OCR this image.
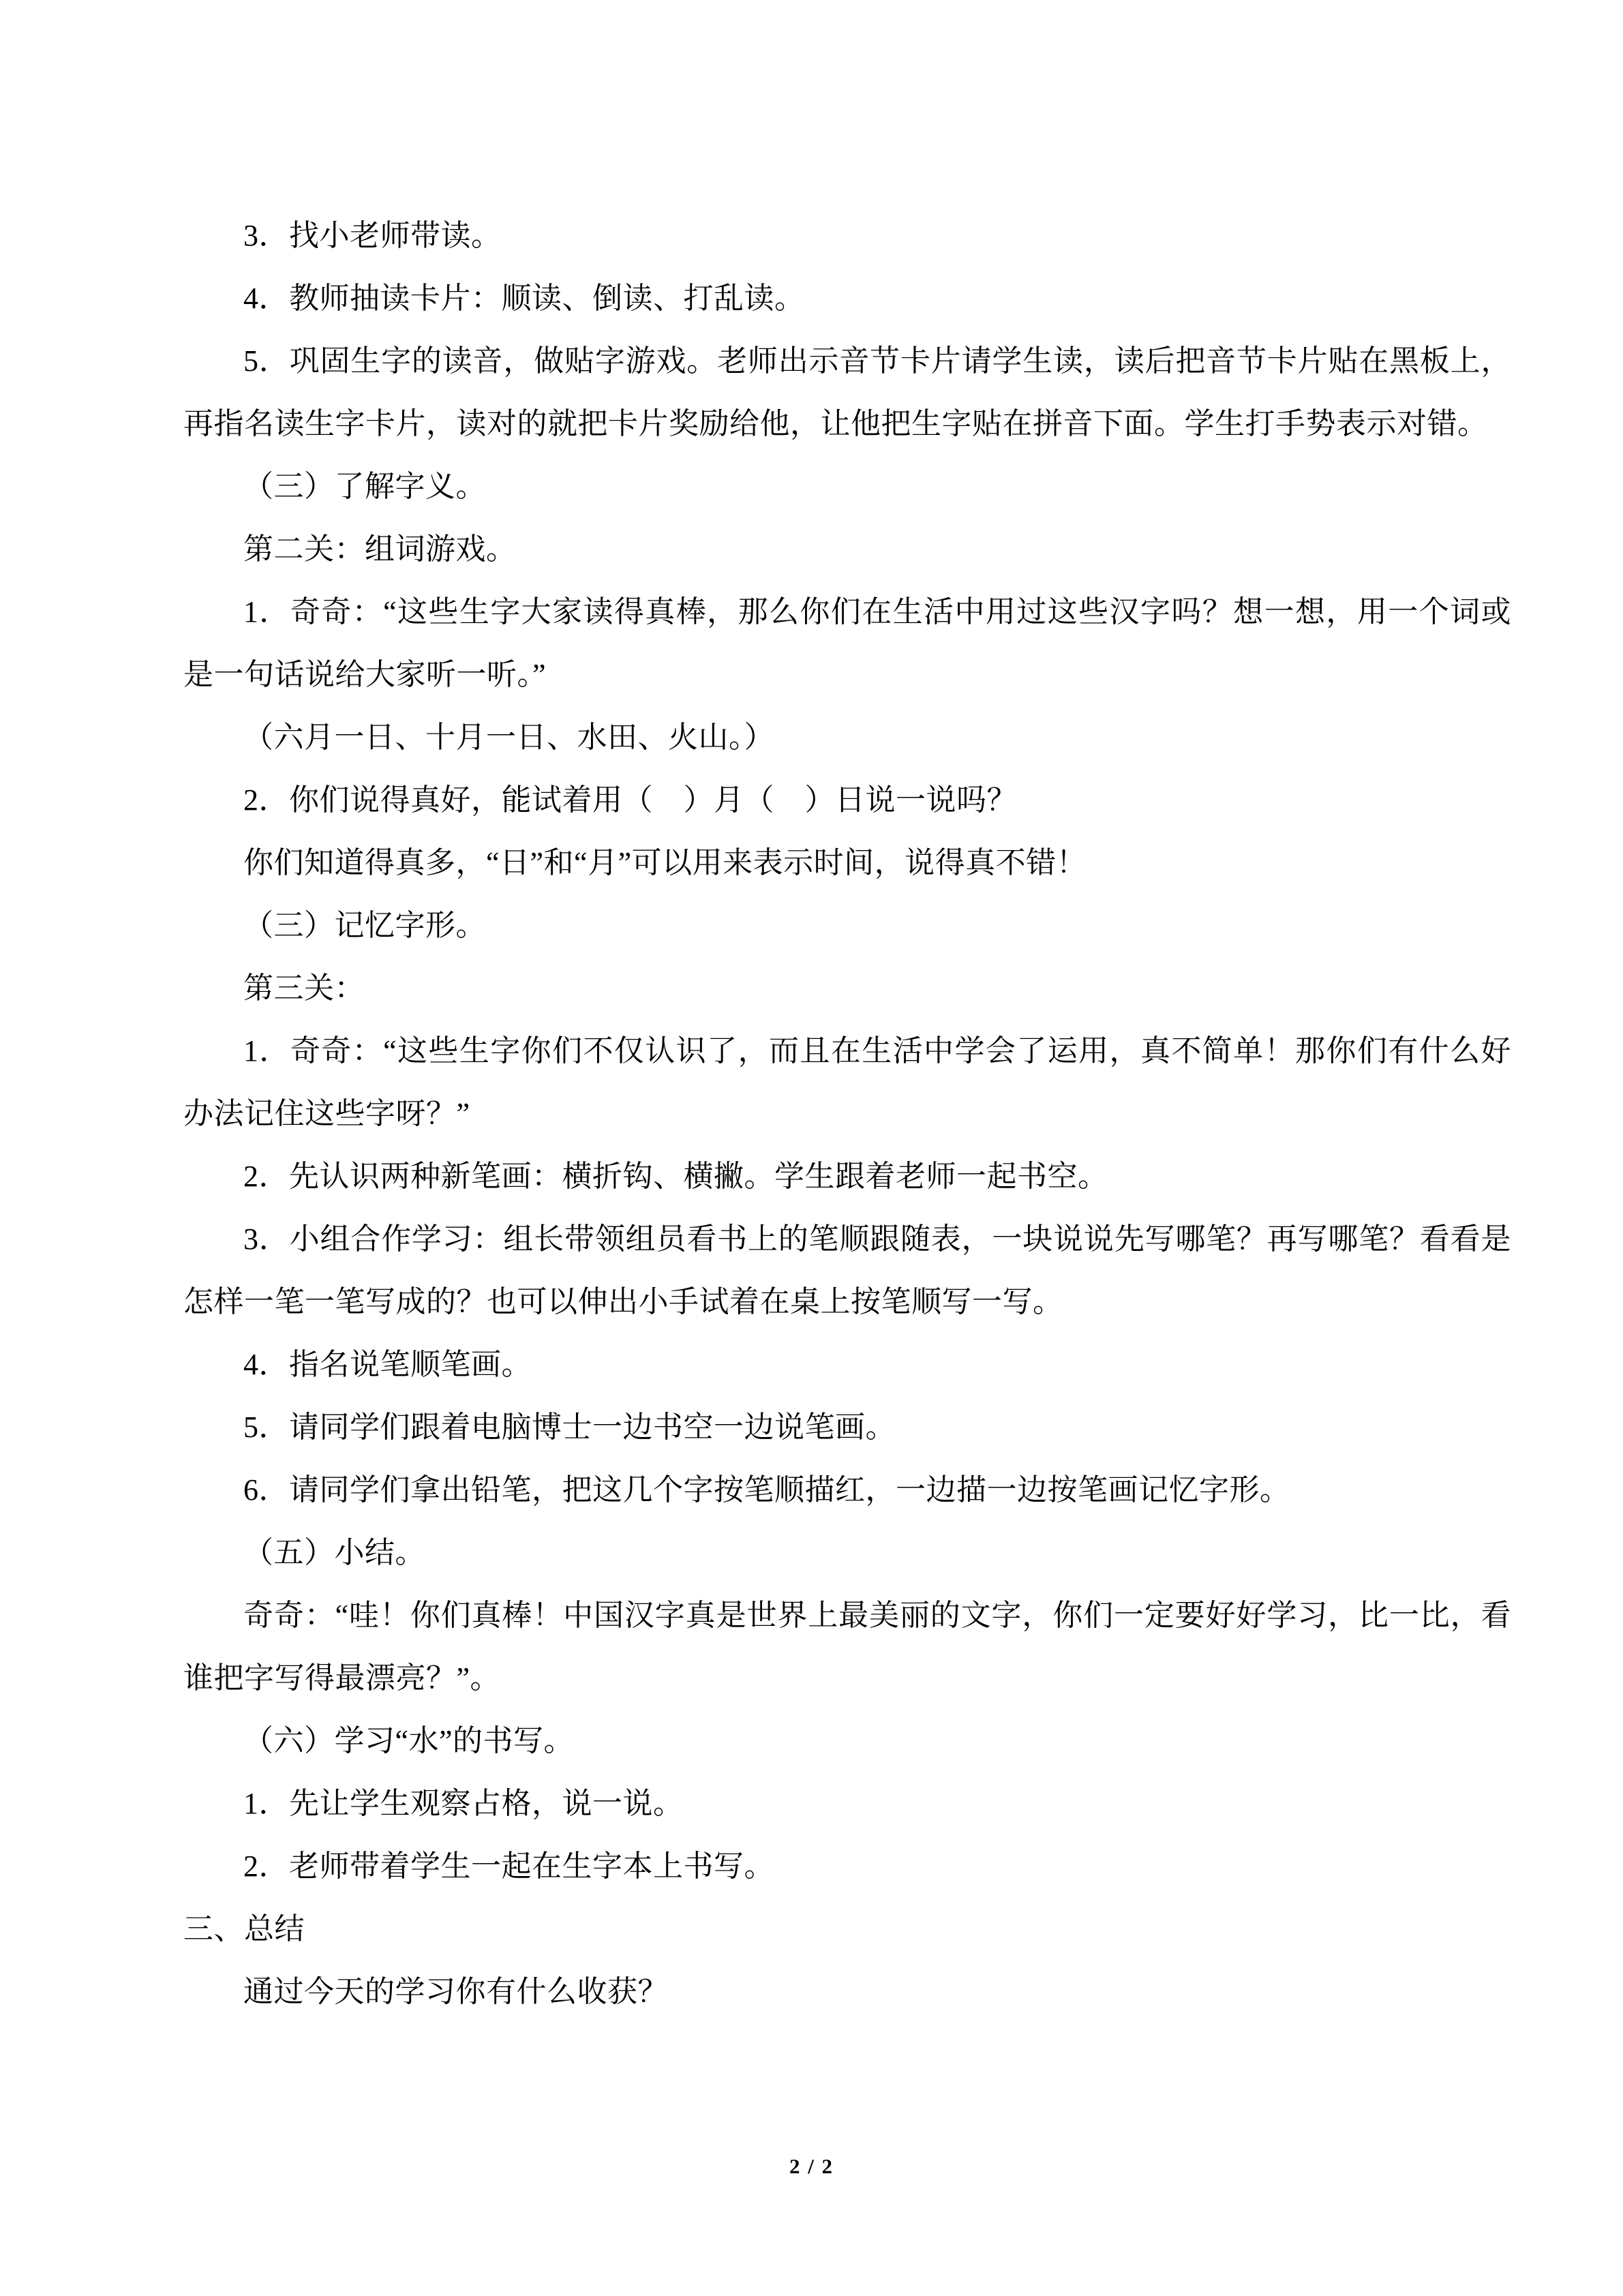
3．找小老师带读。

4．教师抽读卡片：顺读、倒读、打乱读。

5．巩固生字的读音，做贴字游戏。老师出示音节卡片请学生读，读后把音节卡片贴在黑板上，再指名读生字卡片，读对的就把卡片奖励给他，让他把生字贴在拼音下面。学生打手势表示对错。

（三）了解字义。

第二关：组词游戏。

1．奇奇：“这些生字大家读得真棒，那么你们在生活中用过这些汉字吗？想一想，用一个词或是一句话说给大家听一听。”

（六月一日、十月一日、水田、火山。）

2．你们说得真好，能试着用（　）月（　）日说一说吗？

你们知道得真多，“日”和“月”可以用来表示时间，说得真不错！

（三）记忆字形。

第三关：

1．奇奇：“这些生字你们不仅认识了，而且在生活中学会了运用，真不简单！那你们有什么好办法记住这些字呀？”

2．先认识两种新笔画：横折钩、横撇。学生跟着老师一起书空。

3．小组合作学习：组长带领组员看书上的笔顺跟随表，一块说说先写哪笔？再写哪笔？看看是怎样一笔一笔写成的？也可以伸出小手试着在桌上按笔顺写一写。

4．指名说笔顺笔画。

5．请同学们跟着电脑博士一边书空一边说笔画。

6．请同学们拿出铅笔，把这几个字按笔顺描红，一边描一边按笔画记忆字形。

（五）小结。

奇奇：“哇！你们真棒！中国汉字真是世界上最美丽的文字，你们一定要好好学习，比一比，看谁把字写得最漂亮？”。

（六）学习“水”的书写。

1．先让学生观察占格，说一说。

2．老师带着学生一起在生字本上书写。

三、总结

通过今天的学习你有什么收获？

2 / 2
